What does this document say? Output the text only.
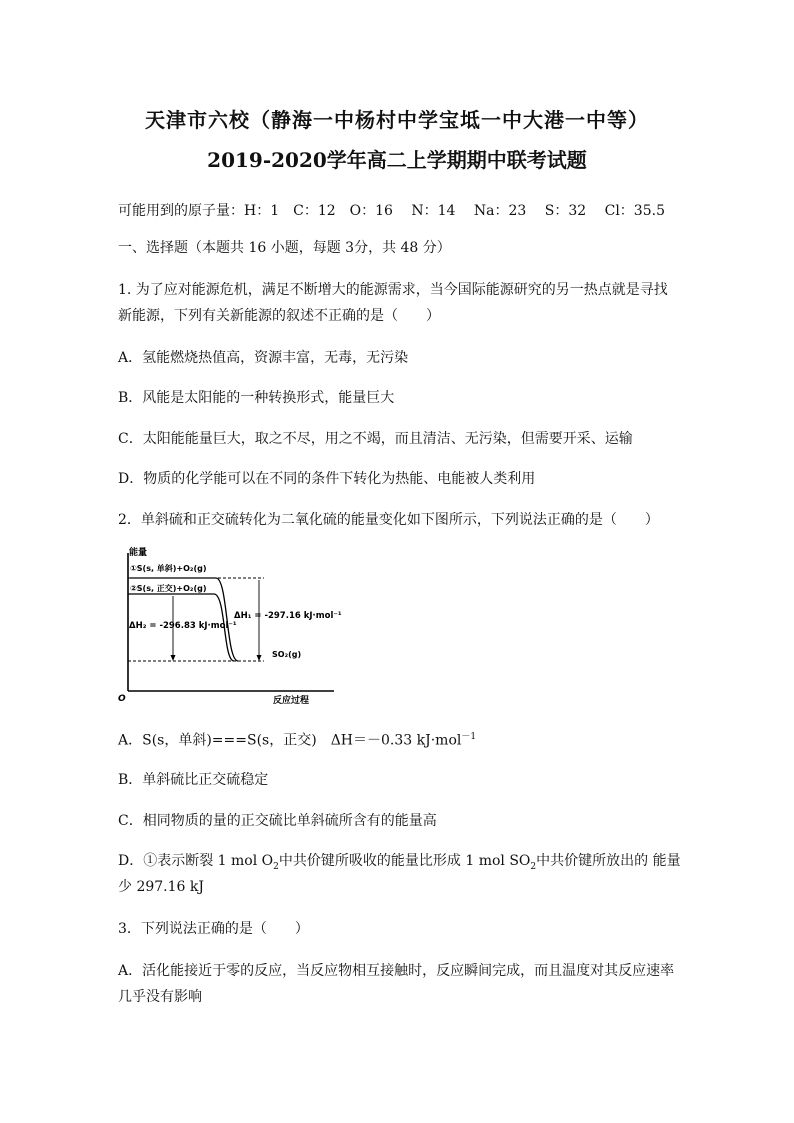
天津市六校（静海一中杨村中学宝坻一中大港一中等）
2019-2020学年高二上学期期中联考试题
可能用到的原子量：H：1　C：12　O：16　 N：14　 Na：23　 S：32　 Cl：35.5
一、选择题（本题共 16 小题，每题 3分，共 48 分）
1. 为了应对能源危机，满足不断增大的能源需求，当今国际能源研究的另一热点就是寻找
新能源，下列有关新能源的叙述不正确的是（　　）
A．氢能燃烧热值高，资源丰富，无毒，无污染
B．风能是太阳能的一种转换形式，能量巨大
C．太阳能能量巨大，取之不尽，用之不竭，而且清洁、无污染，但需要开采、运输
D．物质的化学能可以在不同的条件下转化为热能、电能被人类利用
2．单斜硫和正交硫转化为二氧化硫的能量变化如下图所示，下列说法正确的是（　　）
能量
O	反应过程
①S(s, 单斜)+O₂(g)
②S(s, 正交)+O₂(g)
SO₂(g)
ΔH₁ = -297.16 kJ·mol⁻¹
ΔH₂ = -296.83 kJ·mol⁻¹
A．S(s，单斜)===S(s，正交)　ΔH＝－0.33 kJ·mol$^{-1}$
B．单斜硫比正交硫稳定
C．相同物质的量的正交硫比单斜硫所含有的能量高
D．①表示断裂 1 mol $O_2$中共价键所吸收的能量比形成 1 mol $SO_2$中共价键所放出的 能量
少 297.16 kJ
3．下列说法正确的是（　　）
A．活化能接近于零的反应，当反应物相互接触时，反应瞬间完成，而且温度对其反应速率
几乎没有影响
